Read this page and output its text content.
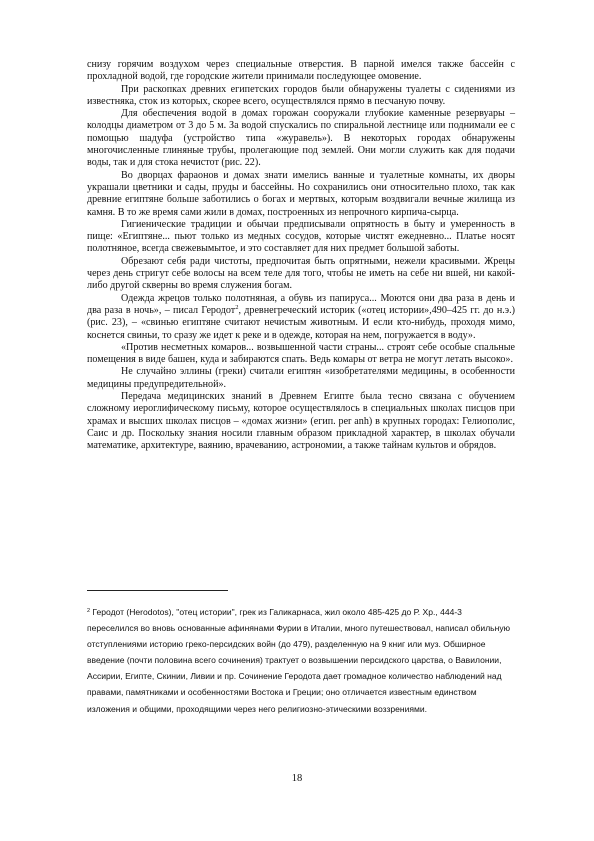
снизу горячим воздухом через специальные отверстия. В парной имелся также бассейн с прохладной водой, где городские жители принимали последующее омовение.

При раскопках древних египетских городов были обнаружены туалеты с сидениями из известняка, сток из которых, скорее всего, осуществлялся прямо в песчаную почву.

Для обеспечения водой в домах горожан сооружали глубокие каменные резервуары – колодцы диаметром от 3 до 5 м. За водой спускались по спиральной лестнице или поднимали ее с помощью шадуфа (устройство типа «журавель»). В некоторых городах обнаружены многочисленные глиняные трубы, пролегающие под землей. Они могли служить как для подачи воды, так и для стока нечистот (рис. 22).

Во дворцах фараонов и домах знати имелись ванные и туалетные комнаты, их дворы украшали цветники и сады, пруды и бассейны. Но сохранились они относительно плохо, так как древние египтяне больше заботились о богах и мертвых, которым воздвигали вечные жилища из камня. В то же время сами жили в домах, построенных из непрочного кирпича-сырца.

Гигиенические традиции и обычаи предписывали опрятность в быту и умеренность в пище: «Египтяне... пьют только из медных сосудов, которые чистят ежедневно... Платье носят полотняное, всегда свежевымытое, и это составляет для них предмет большой заботы.

Обрезают себя ради чистоты, предпочитая быть опрятными, нежели красивыми. Жрецы через день стригут себе волосы на всем теле для того, чтобы не иметь на себе ни вшей, ни какой-либо другой скверны во время служения богам.

Одежда жрецов только полотняная, а обувь из папируса... Моются они два раза в день и два раза в ночь», – писал Геродот$^2$, древнегреческий историк («отец истории»,490–425 гг. до н.э.) (рис. 23), – «свинью египтяне считают нечистым животным. И если кто-нибудь, проходя мимо, коснется свиньи, то сразу же идет к реке и в одежде, которая на нем, погружается в воду».

«Против несметных комаров... возвышенной части страны... строят себе особые спальные помещения в виде башен, куда и забираются спать. Ведь комары от ветра не могут летать высоко».

Не случайно эллины (греки) считали египтян «изобретателями медицины, в особенности медицины предупредительной».

Передача медицинских знаний в Древнем Египте была тесно связана с обучением сложному иероглифическому письму, которое осуществлялось в специальных школах писцов при храмах и высших школах писцов – «домах жизни» (егип. per anh) в крупных городах: Гелиополис, Саис и др. Поскольку знания носили главным образом прикладной характер, в школах обучали математике, архитектуре, ваянию, врачеванию, астрономии, а также тайнам культов и обрядов.

$^2$ Геродот (Herodotos), "отец истории", грек из Галикарнаса, жил около 485-425 до Р. Хр., 444-3 переселился во вновь основанные афинянами Фурии в Италии, много путешествовал, написал обильную отступлениями историю греко-персидских войн (до 479), разделенную на 9 книг или муз. Обширное введение (почти половина всего сочинения) трактует о возвышении персидского царства, о Вавилонии, Ассирии, Египте, Скинии, Ливии и пр. Сочинение Геродота дает громадное количество наблюдений над правами, памятниками и особенностями Востока и Греции; оно отличается известным единством изложения и общими, проходящими через него религиозно-этическими воззрениями.
18
